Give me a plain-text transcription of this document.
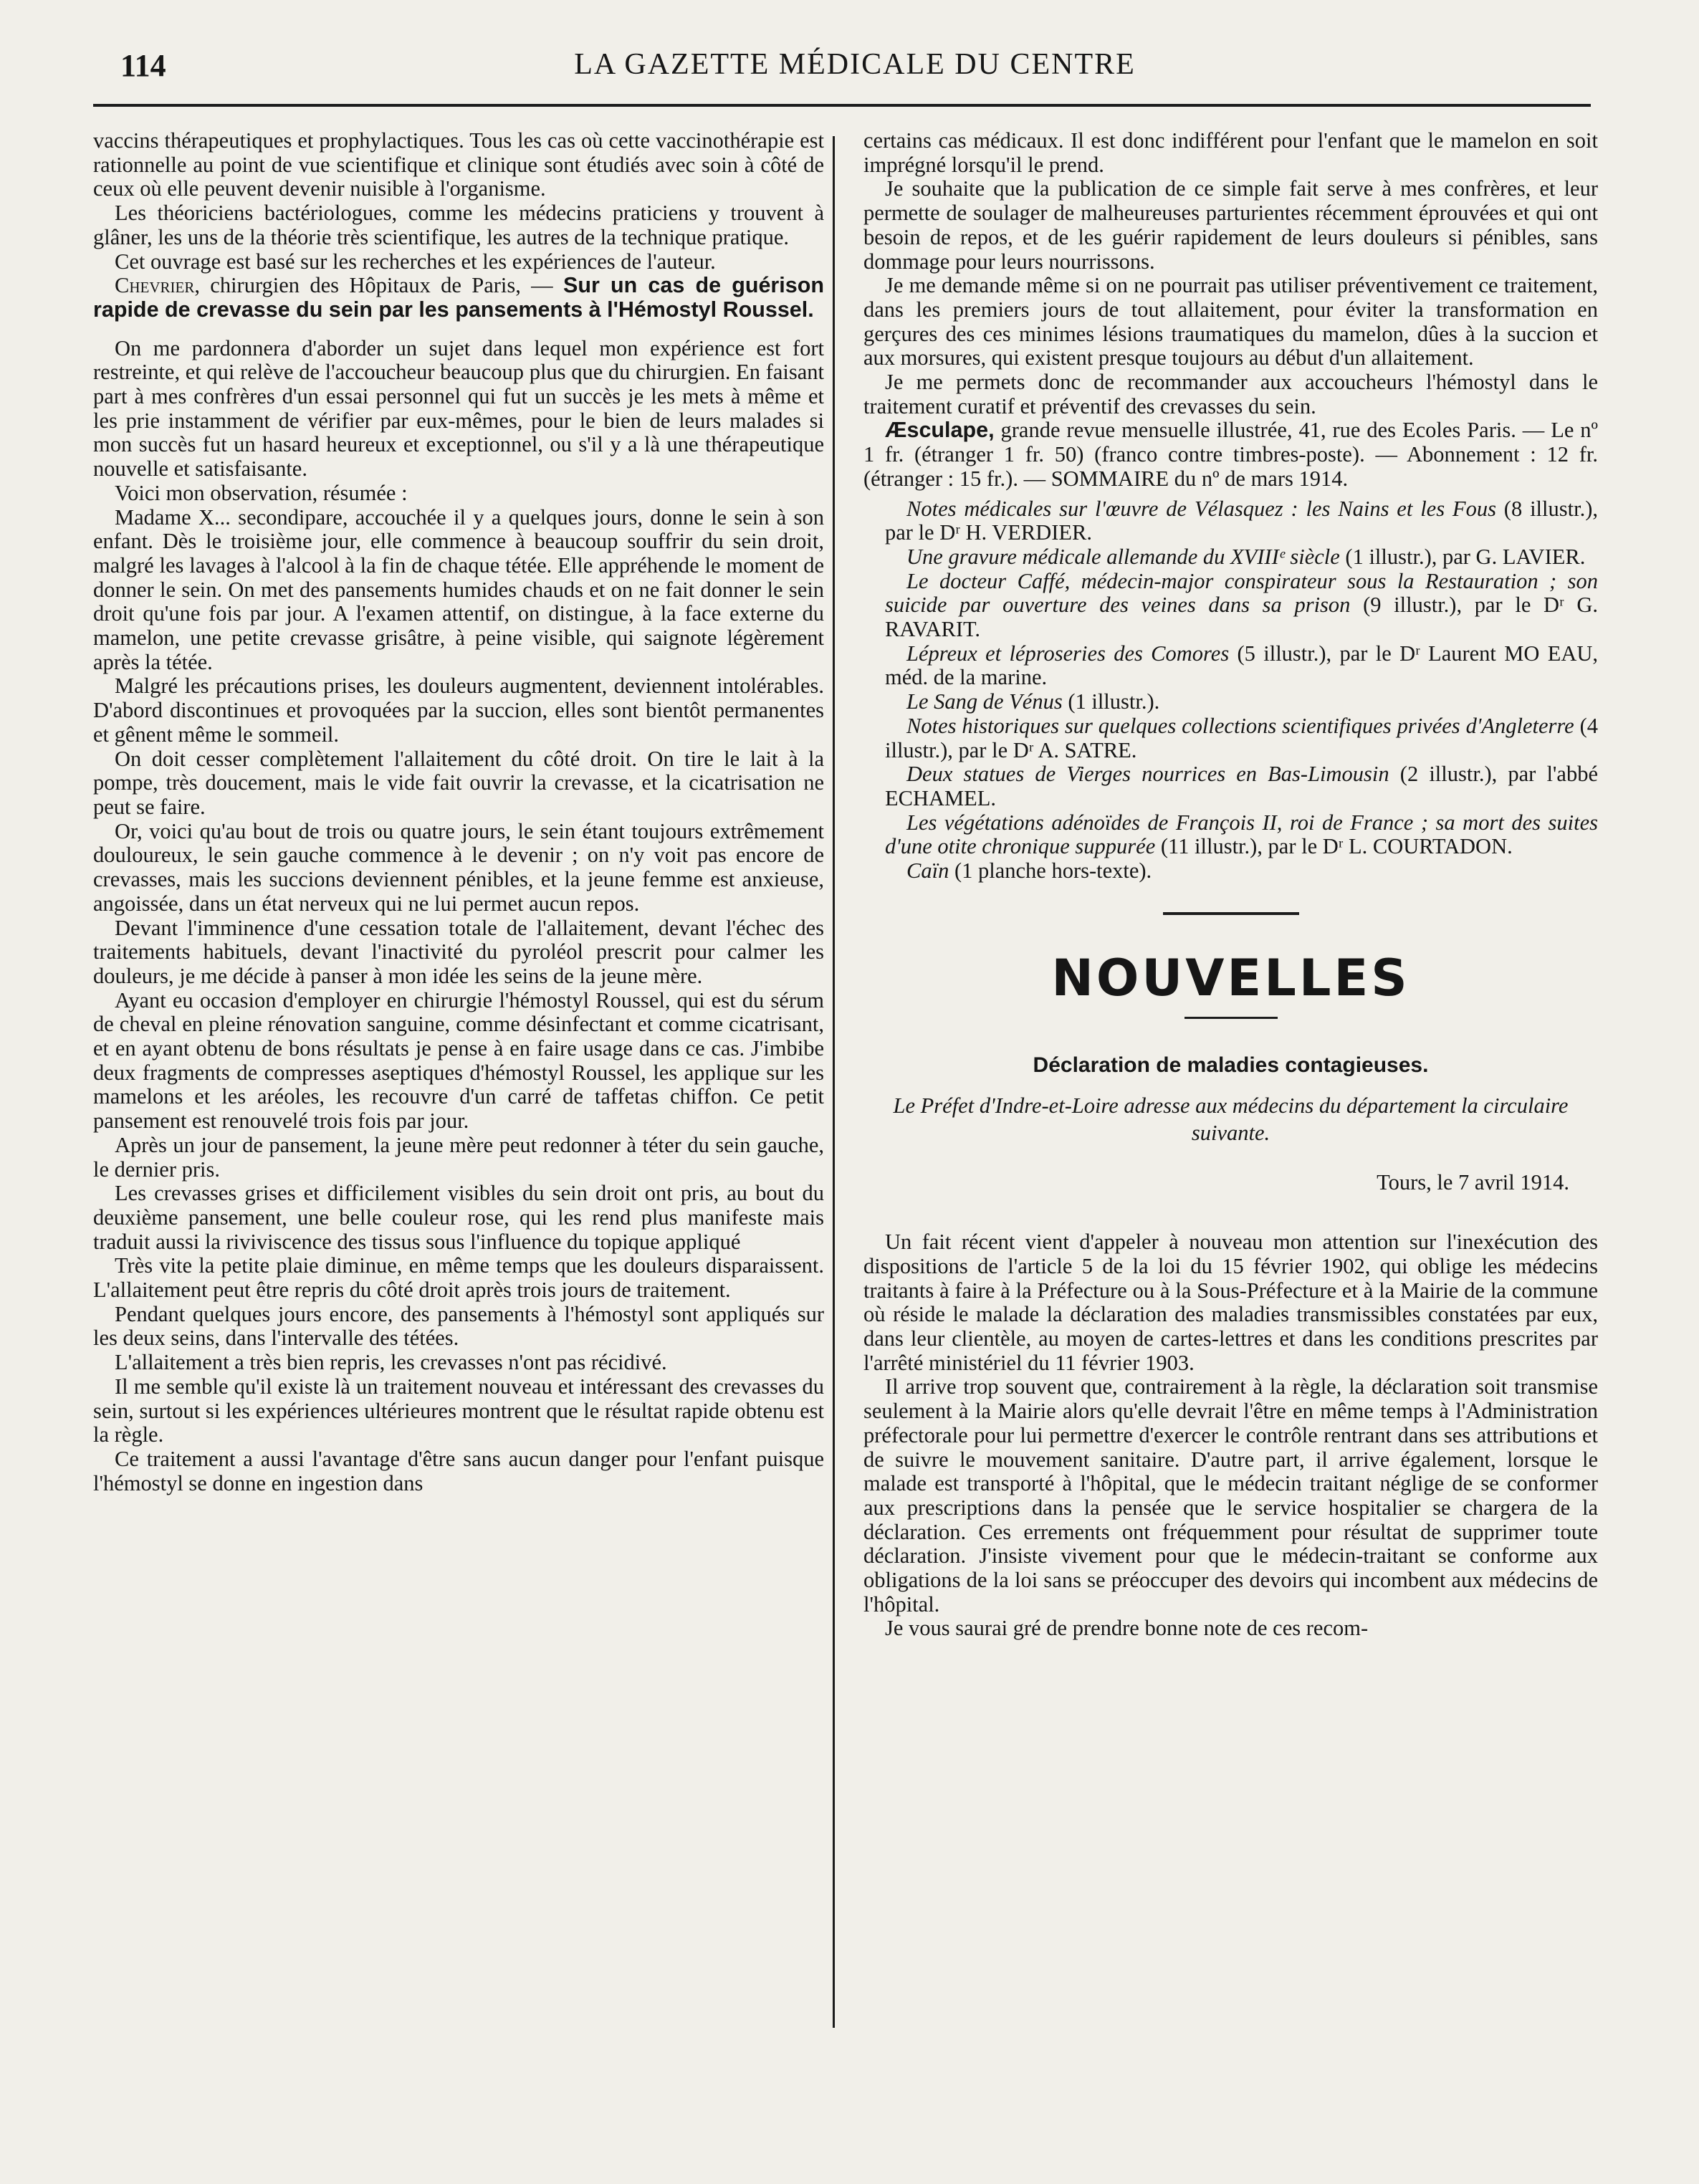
114	LA GAZETTE MÉDICALE DU CENTRE

vaccins thérapeutiques et prophylactiques. Tous les cas où cette vaccinothérapie est rationnelle au point de vue scientifique et clinique sont étudiés avec soin à côté de ceux où elle peuvent devenir nuisible à l'organisme.

Les théoriciens bactériologues, comme les médecins praticiens y trouvent à glâner, les uns de la théorie très scientifique, les autres de la technique pratique.

Cet ouvrage est basé sur les recherches et les expériences de l'auteur.

Chevrier, chirurgien des Hôpitaux de Paris, — Sur un cas de guérison rapide de crevasse du sein par les pansements à l'Hémostyl Roussel.

On me pardonnera d'aborder un sujet dans lequel mon expérience est fort restreinte, et qui relève de l'accoucheur beaucoup plus que du chirurgien. En faisant part à mes confrères d'un essai personnel qui fut un succès je les mets à même et les prie instamment de vérifier par eux-mêmes, pour le bien de leurs malades si mon succès fut un hasard heureux et exceptionnel, ou s'il y a là une thérapeutique nouvelle et satisfaisante.

Voici mon observation, résumée :

Madame X... secondipare, accouchée il y a quelques jours, donne le sein à son enfant. Dès le troisième jour, elle commence à beaucoup souffrir du sein droit, malgré les lavages à l'alcool à la fin de chaque tétée. Elle appréhende le moment de donner le sein. On met des pansements humides chauds et on ne fait donner le sein droit qu'une fois par jour. A l'examen attentif, on distingue, à la face externe du mamelon, une petite crevasse grisâtre, à peine visible, qui saignote légèrement après la tétée.

Malgré les précautions prises, les douleurs augmentent, deviennent intolérables. D'abord discontinues et provoquées par la succion, elles sont bientôt permanentes et gênent même le sommeil.

On doit cesser complètement l'allaitement du côté droit. On tire le lait à la pompe, très doucement, mais le vide fait ouvrir la crevasse, et la cicatrisation ne peut se faire.

Or, voici qu'au bout de trois ou quatre jours, le sein étant toujours extrêmement douloureux, le sein gauche commence à le devenir ; on n'y voit pas encore de crevasses, mais les succions deviennent pénibles, et la jeune femme est anxieuse, angoissée, dans un état nerveux qui ne lui permet aucun repos.

Devant l'imminence d'une cessation totale de l'allaitement, devant l'échec des traitements habituels, devant l'inactivité du pyroléol prescrit pour calmer les douleurs, je me décide à panser à mon idée les seins de la jeune mère.

Ayant eu occasion d'employer en chirurgie l'hémostyl Roussel, qui est du sérum de cheval en pleine rénovation sanguine, comme désinfectant et comme cicatrisant, et en ayant obtenu de bons résultats je pense à en faire usage dans ce cas. J'imbibe deux fragments de compresses aseptiques d'hémostyl Roussel, les applique sur les mamelons et les aréoles, les recouvre d'un carré de taffetas chiffon. Ce petit pansement est renouvelé trois fois par jour.

Après un jour de pansement, la jeune mère peut redonner à téter du sein gauche, le dernier pris.

Les crevasses grises et difficilement visibles du sein droit ont pris, au bout du deuxième pansement, une belle couleur rose, qui les rend plus manifeste mais traduit aussi la riviviscence des tissus sous l'influence du topique appliqué

Très vite la petite plaie diminue, en même temps que les douleurs disparaissent. L'allaitement peut être repris du côté droit après trois jours de traitement.

Pendant quelques jours encore, des pansements à l'hémostyl sont appliqués sur les deux seins, dans l'intervalle des tétées.

L'allaitement a très bien repris, les crevasses n'ont pas récidivé.

Il me semble qu'il existe là un traitement nouveau et intéressant des crevasses du sein, surtout si les expériences ultérieures montrent que le résultat rapide obtenu est la règle.

Ce traitement a aussi l'avantage d'être sans aucun danger pour l'enfant puisque l'hémostyl se donne en ingestion dans

certains cas médicaux. Il est donc indifférent pour l'enfant que le mamelon en soit imprégné lorsqu'il le prend.

Je souhaite que la publication de ce simple fait serve à mes confrères, et leur permette de soulager de malheureuses parturientes récemment éprouvées et qui ont besoin de repos, et de les guérir rapidement de leurs douleurs si pénibles, sans dommage pour leurs nourrissons.

Je me demande même si on ne pourrait pas utiliser préventivement ce traitement, dans les premiers jours de tout allaitement, pour éviter la transformation en gerçures des ces minimes lésions traumatiques du mamelon, dûes à la succion et aux morsures, qui existent presque toujours au début d'un allaitement.

Je me permets donc de recommander aux accoucheurs l'hémostyl dans le traitement curatif et préventif des crevasses du sein.

Æsculape, grande revue mensuelle illustrée, 41, rue des Ecoles Paris. — Le nº 1 fr. (étranger 1 fr. 50) (franco contre timbres-poste). — Abonnement : 12 fr. (étranger : 15 fr.). — SOMMAIRE du nº de mars 1914.

Notes médicales sur l'œuvre de Vélasquez : les Nains et les Fous (8 illustr.), par le Dʳ H. VERDIER.

Une gravure médicale allemande du XVIIIᵉ siècle (1 illustr.), par G. LAVIER.

Le docteur Caffé, médecin-major conspirateur sous la Restauration ; son suicide par ouverture des veines dans sa prison (9 illustr.), par le Dʳ G. RAVARIT.

Lépreux et léproseries des Comores (5 illustr.), par le Dʳ Laurent MO EAU, méd. de la marine.

Le Sang de Vénus (1 illustr.).

Notes historiques sur quelques collections scientifiques privées d'Angleterre (4 illustr.), par le Dʳ A. SATRE.

Deux statues de Vierges nourrices en Bas-Limousin (2 illustr.), par l'abbé ECHAMEL.

Les végétations adénoïdes de François II, roi de France ; sa mort des suites d'une otite chronique suppurée (11 illustr.), par le Dʳ L. COURTADON.

Caïn (1 planche hors-texte).

NOUVELLES
Déclaration de maladies contagieuses.
Le Préfet d'Indre-et-Loire adresse aux médecins du département la circulaire suivante.
Tours, le 7 avril 1914.

Un fait récent vient d'appeler à nouveau mon attention sur l'inexécution des dispositions de l'article 5 de la loi du 15 février 1902, qui oblige les médecins traitants à faire à la Préfecture ou à la Sous-Préfecture et à la Mairie de la commune où réside le malade la déclaration des maladies transmissibles constatées par eux, dans leur clientèle, au moyen de cartes-lettres et dans les conditions prescrites par l'arrêté ministériel du 11 février 1903.

Il arrive trop souvent que, contrairement à la règle, la déclaration soit transmise seulement à la Mairie alors qu'elle devrait l'être en même temps à l'Administration préfectorale pour lui permettre d'exercer le contrôle rentrant dans ses attributions et de suivre le mouvement sanitaire. D'autre part, il arrive également, lorsque le malade est transporté à l'hôpital, que le médecin traitant néglige de se conformer aux prescriptions dans la pensée que le service hospitalier se chargera de la déclaration. Ces errements ont fréquemment pour résultat de supprimer toute déclaration. J'insiste vivement pour que le médecin-traitant se conforme aux obligations de la loi sans se préoccuper des devoirs qui incombent aux médecins de l'hôpital.

Je vous saurai gré de prendre bonne note de ces recom-
